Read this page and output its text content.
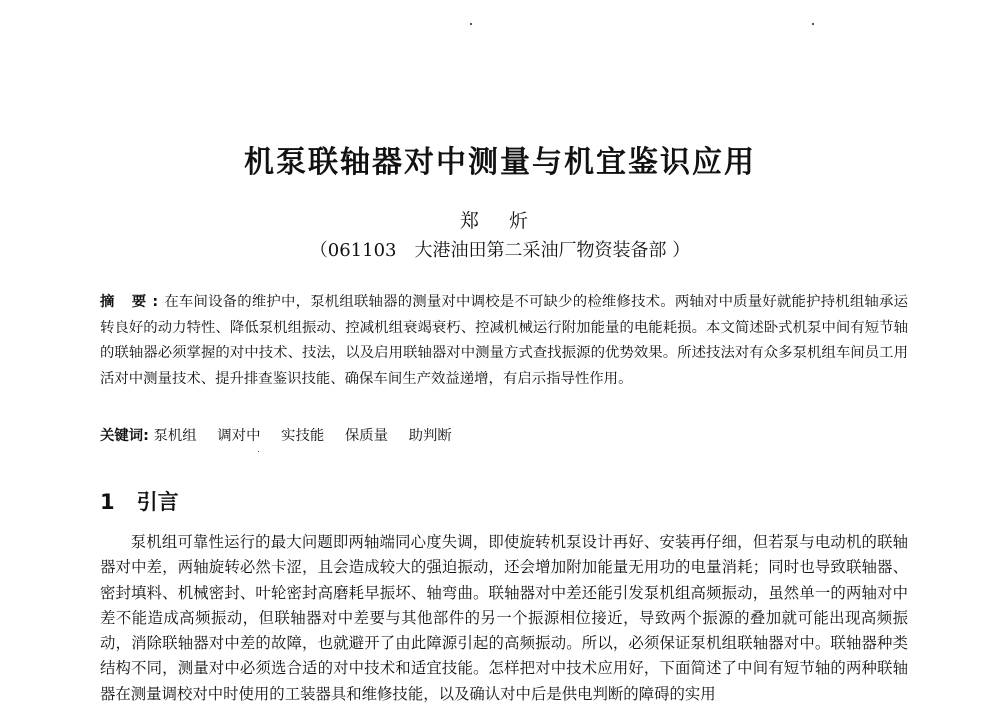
机泵联轴器对中测量与机宜鉴识应用
郑 炘
（061103　大港油田第二采油厂物资装备部 ）
摘 要:在车间设备的维护中，泵机组联轴器的测量对中调校是不可缺少的检维修技术。两轴对中质量好就能护持机组轴承运转良好的动力特性、降低泵机组振动、控减机组衰竭衰朽、控减机械运行附加能量的电能耗损。本文简述卧式机泵中间有短节轴的联轴器必须掌握的对中技术、技法，以及启用联轴器对中测量方式查找振源的优势效果。所述技法对有众多泵机组车间员工用活对中测量技术、提升排查鉴识技能、确保车间生产效益递增，有启示指导性作用。
关键词: 泵机组 调对中 实技能 保质量 助判断
1 引言
泵机组可靠性运行的最大问题即两轴端同心度失调，即使旋转机泵设计再好、安装再仔细，但若泵与电动机的联轴器对中差，两轴旋转必然卡涩，且会造成较大的强迫振动，还会增加附加能量无用功的电量消耗；同时也导致联轴器、密封填料、机械密封、叶轮密封高磨耗早振坏、轴弯曲。联轴器对中差还能引发泵机组高频振动，虽然单一的两轴对中差不能造成高频振动，但联轴器对中差要与其他部件的另一个振源相位接近，导致两个振源的叠加就可能出现高频振动，消除联轴器对中差的故障，也就避开了由此障源引起的高频振动。所以，必须保证泵机组联轴器对中。联轴器种类结构不同，测量对中必须选合适的对中技术和适宜技能。怎样把对中技术应用好，下面简述了中间有短节轴的两种联轴器在测量调校对中时使用的工装器具和维修技能，以及确认对中后是供电判断的障碍的实用
